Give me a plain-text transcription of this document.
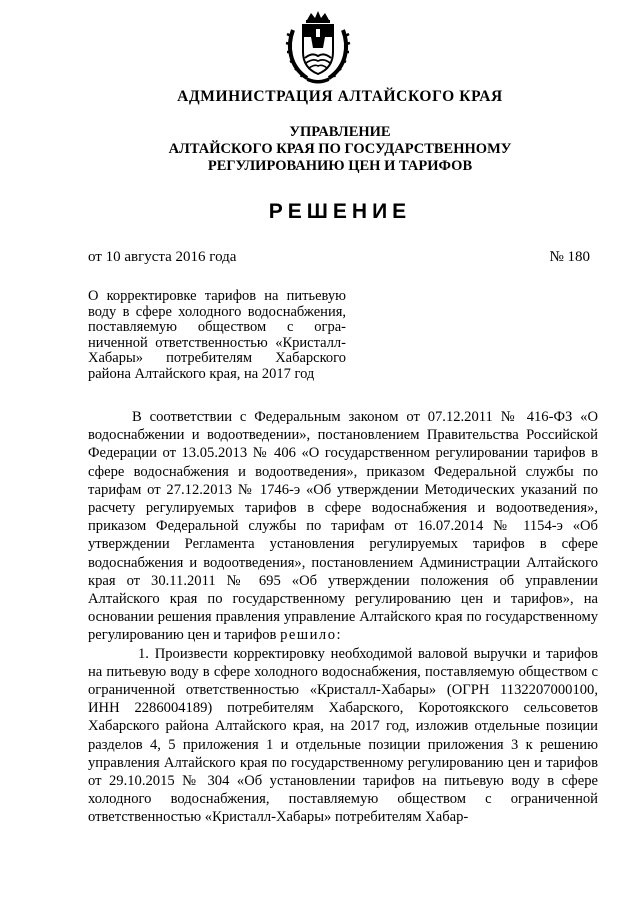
АДМИНИСТРАЦИЯ АЛТАЙСКОГО КРАЯ
УПРАВЛЕНИЕ
АЛТАЙСКОГО КРАЯ ПО ГОСУДАРСТВЕННОМУ
РЕГУЛИРОВАНИЮ ЦЕН И ТАРИФОВ
РЕШЕНИЕ
от 10 августа 2016 года	№ 180
О корректировке тарифов на питьевую воду в сфере холодного водоснабжения, поставляемую обществом с ограниченной ответственностью «Кристалл-Хабары» потребителям Хабарского района Алтайского края, на 2017 год

В соответствии с Федеральным законом от 07.12.2011 № 416-ФЗ «О водоснабжении и водоотведении», постановлением Правительства Российской Федерации от 13.05.2013 № 406 «О государственном регулировании тарифов в сфере водоснабжения и водоотведения», приказом Федеральной службы по тарифам от 27.12.2013 № 1746-э «Об утверждении Методических указаний по расчету регулируемых тарифов в сфере водоснабжения и водоотведения», приказом Федеральной службы по тарифам от 16.07.2014 № 1154-э «Об утверждении Регламента установления регулируемых тарифов в сфере водоснабжения и водоотведения», постановлением Администрации Алтайского края от 30.11.2011 № 695 «Об утверждении положения об управлении Алтайского края по государственному регулированию цен и тарифов», на основании решения правления управление Алтайского края по государственному регулированию цен и тарифов решило:

1. Произвести корректировку необходимой валовой выручки и тарифов на питьевую воду в сфере холодного водоснабжения, поставляемую обществом с ограниченной ответственностью «Кристалл-Хабары» (ОГРН 1132207000100, ИНН 2286004189) потребителям Хабарского, Коротоякского сельсоветов Хабарского района Алтайского края, на 2017 год, изложив отдельные позиции разделов 4, 5 приложения 1 и отдельные позиции приложения 3 к решению управления Алтайского края по государственному регулированию цен и тарифов от 29.10.2015 № 304 «Об установлении тарифов на питьевую воду в сфере холодного водоснабжения, поставляемую обществом с ограниченной ответственностью «Кристалл-Хабары» потребителям Хабар-
